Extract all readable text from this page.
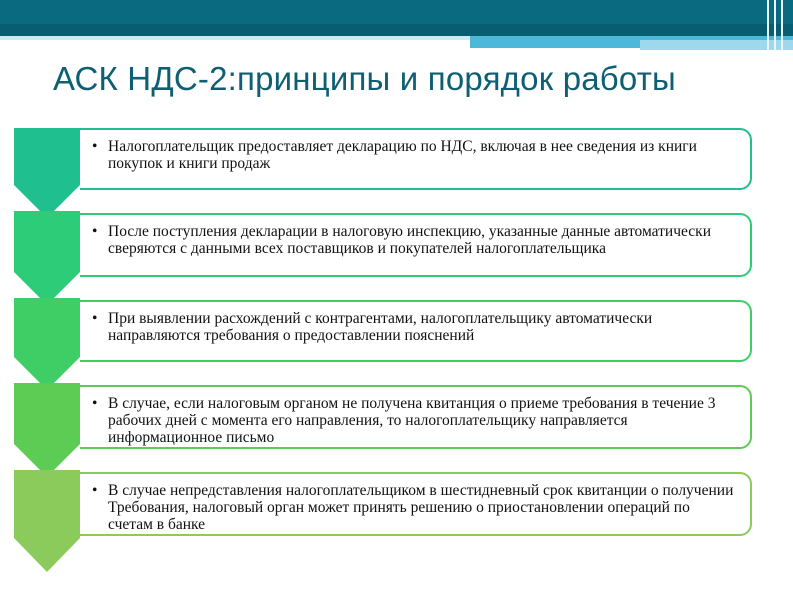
АСК НДС-2:принципы и порядок работы
• Налогоплательщик предоставляет декларацию по НДС, включая в нее сведения из книги покупок и книги продаж
• После поступления декларации в налоговую инспекцию, указанные данные автоматически сверяются с данными всех поставщиков и покупателей налогоплательщика
• При выявлении расхождений с контрагентами, налогоплательщику автоматически направляются требования о предоставлении пояснений
• В случае, если налоговым органом не получена квитанция о приеме требования в течение 3 рабочих дней с момента его направления, то налогоплательщику направляется информационное письмо
• В случае непредставления налогоплательщиком в шестидневный срок квитанции о получении Требования, налоговый орган может принять решению о приостановлении операций по счетам в банке
